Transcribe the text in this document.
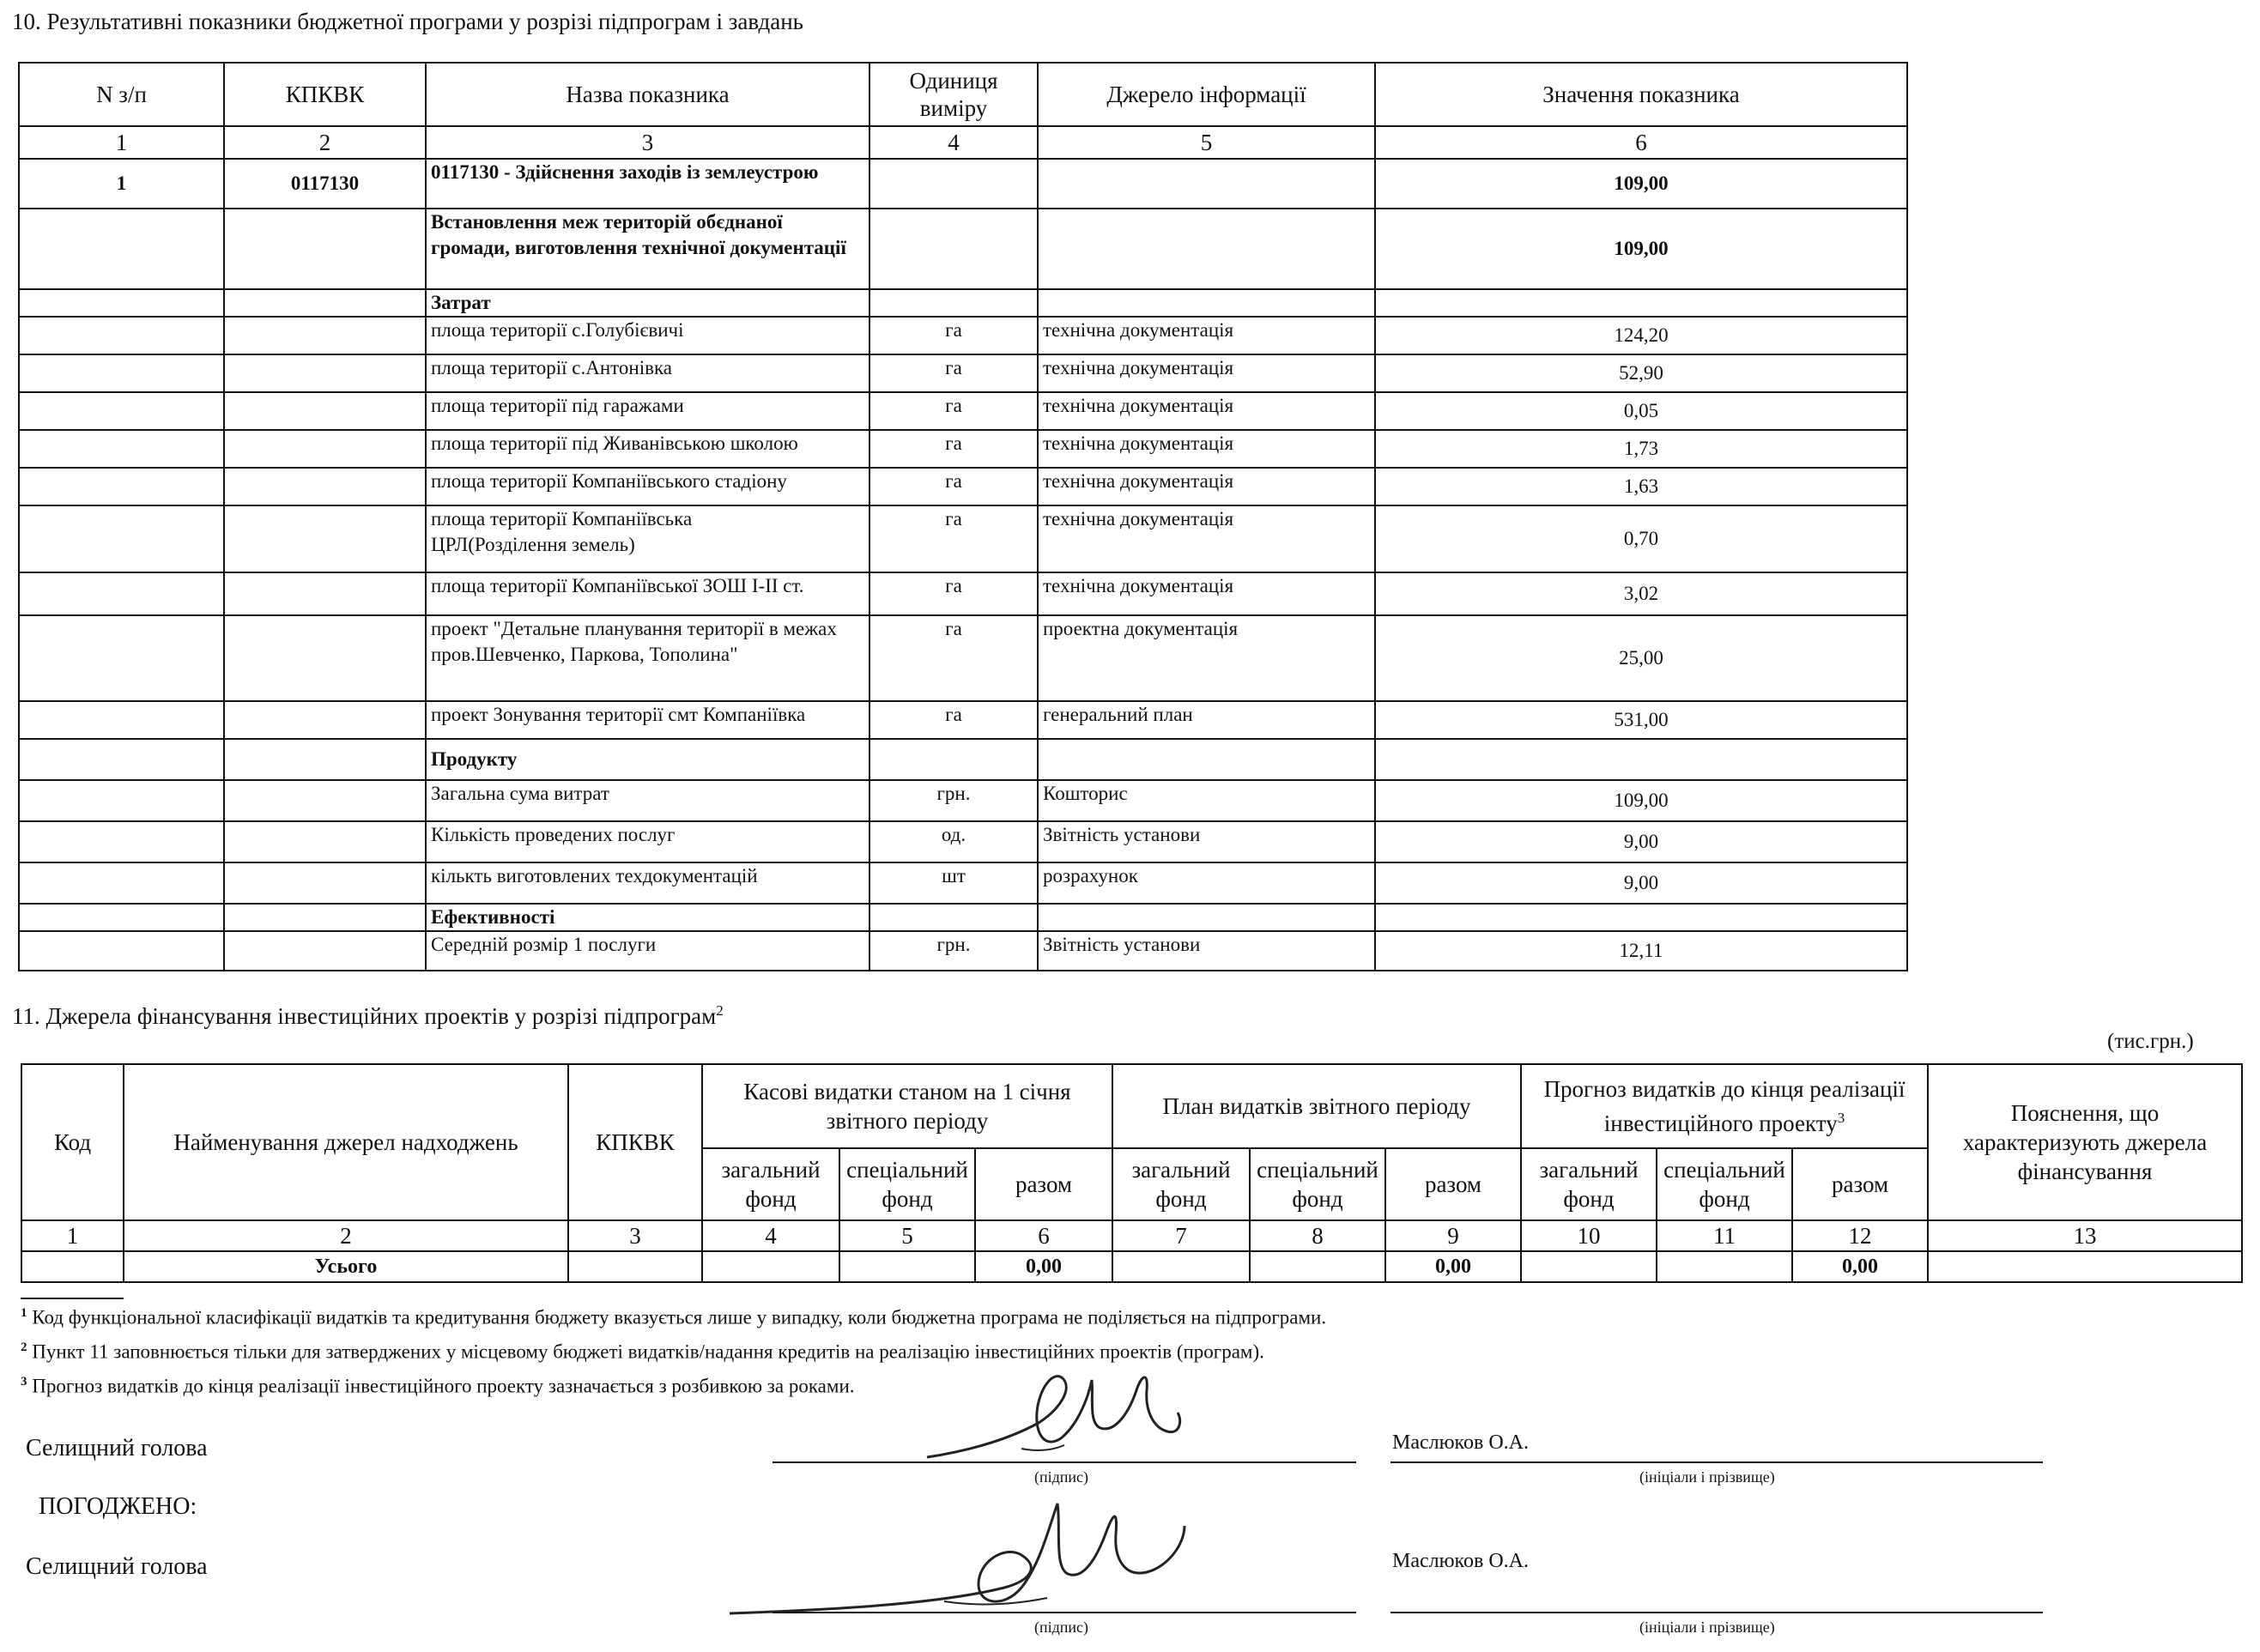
10. Результативні показники бюджетної програми у розрізі підпрограм і завдань
N з/п	КПКВК	Назва показника	Одиниця виміру	Джерело інформації	Значення показника
1	2	3	4	5	6
1	0117130	0117130 - Здійснення заходів із землеустрою			109,00
		Встановлення меж територій обєднаної громади, виготовлення технічної документації			109,00
		Затрат			
		площа території с.Голубієвичі	га	технічна документація	124,20
		площа території с.Антонівка	га	технічна документація	52,90
		площа території під гаражами	га	технічна документація	0,05
		площа території під Живанівською школою	га	технічна документація	1,73
		площа території Компаніївського стадіону	га	технічна документація	1,63
		площа території Компаніївська ЦРЛ(Розділення земель)	га	технічна документація	0,70
		площа території Компаніївської ЗОШ І-ІІ ст.	га	технічна документація	3,02
		проект "Детальне планування території в межах пров.Шевченко, Паркова, Тополина"	га	проектна документація	25,00
		проект Зонування території смт Компаніївка	га	генеральний план	531,00
		Продукту			
		Загальна сума витрат	грн.	Кошторис	109,00
		Кількість проведених послуг	од.	Звітність установи	9,00
		кількть виготовлених техдокументацій	шт	розрахунок	9,00
		Ефективності			
		Середній розмір 1 послуги	грн.	Звітність установи	12,11
11. Джерела фінансування інвестиційних проектів у розрізі підпрограм$^2$
(тис.грн.)
Код	Найменування джерел надходжень	КПКВК	Касові видатки станом на 1 січня звітного періоду			План видатків звітного періоду			Прогноз видатків до кінця реалізації інвестиційного проекту$^3$			Пояснення, що характеризують джерела фінансування
			загальний фонд	спеціальний фонд	разом	загальний фонд	спеціальний фонд	разом	загальний фонд	спеціальний фонд	разом	
1	2	3	4	5	6	7	8	9	10	11	12	13
	Усього				0,00			0,00			0,00	
$^1$ Код функціональної класифікації видатків та кредитування бюджету вказується лише у випадку, коли бюджетна програма не поділяється на підпрограми.
$^2$ Пункт 11 заповнюється тільки для затверджених у місцевому бюджеті видатків/надання кредитів на реалізацію інвестиційних проектів (програм).
$^3$ Прогноз видатків до кінця реалізації інвестиційного проекту зазначається з розбивкою за роками.
Селищний голова
(підпис)
Маслюков О.А.
(ініціали і прізвище)
ПОГОДЖЕНО:
Селищний голова
(підпис)
Маслюков О.А.
(ініціали і прізвище)
